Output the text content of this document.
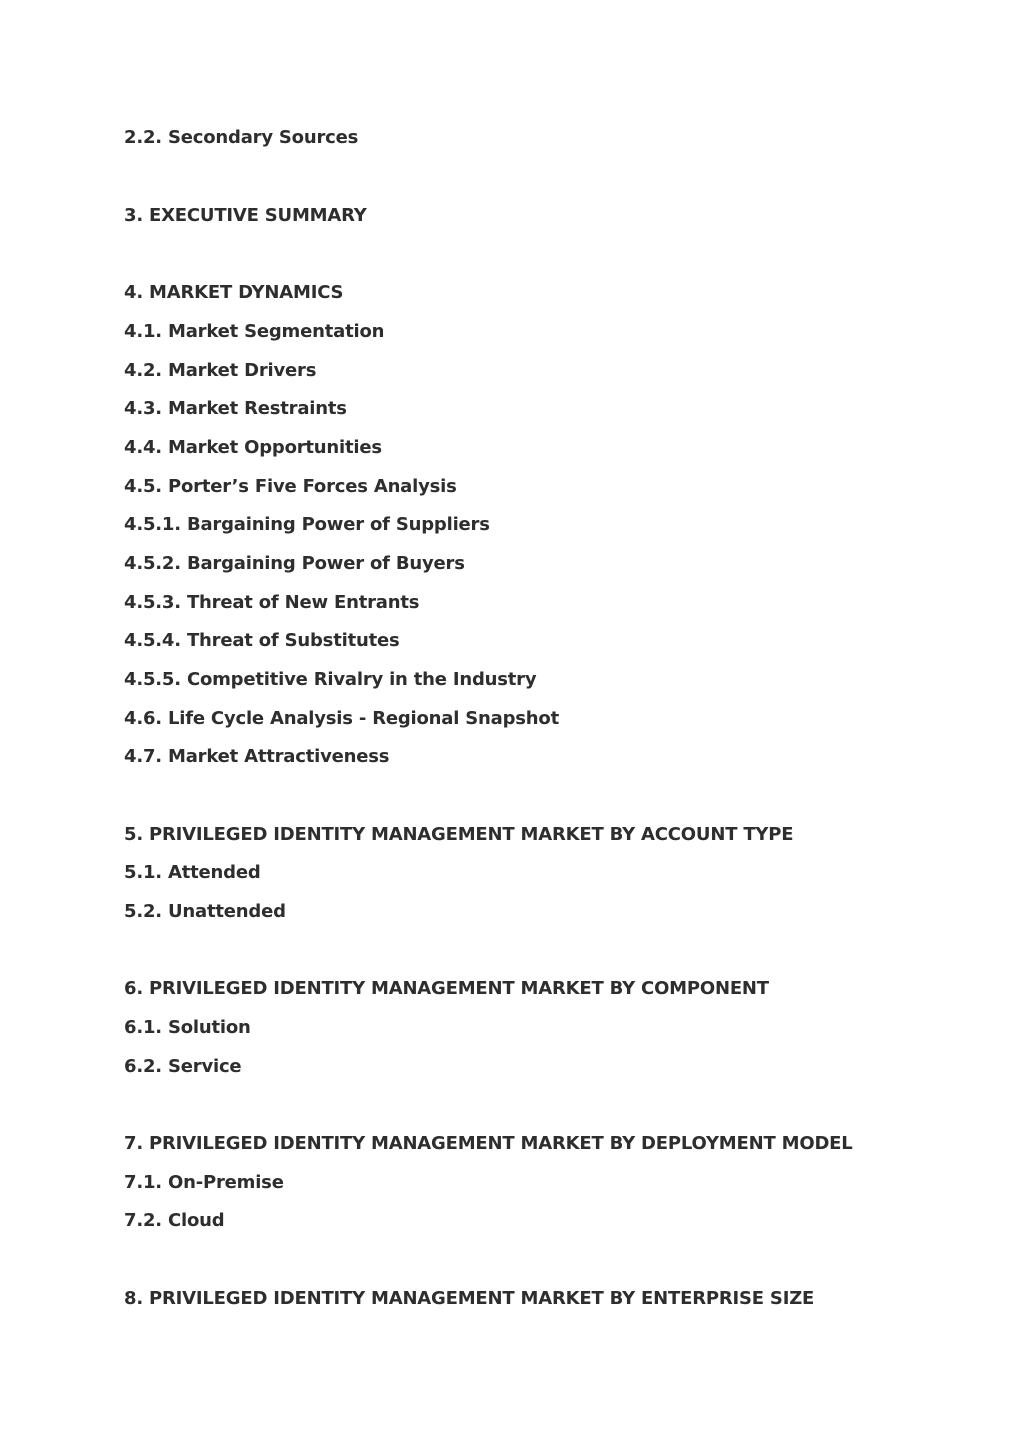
2.2. Secondary Sources
3. EXECUTIVE SUMMARY
4. MARKET DYNAMICS
4.1. Market Segmentation
4.2. Market Drivers
4.3. Market Restraints
4.4. Market Opportunities
4.5. Porter’s Five Forces Analysis
4.5.1. Bargaining Power of Suppliers
4.5.2. Bargaining Power of Buyers
4.5.3. Threat of New Entrants
4.5.4. Threat of Substitutes
4.5.5. Competitive Rivalry in the Industry
4.6. Life Cycle Analysis - Regional Snapshot
4.7. Market Attractiveness
5. PRIVILEGED IDENTITY MANAGEMENT MARKET BY ACCOUNT TYPE
5.1. Attended
5.2. Unattended
6. PRIVILEGED IDENTITY MANAGEMENT MARKET BY COMPONENT
6.1. Solution
6.2. Service
7. PRIVILEGED IDENTITY MANAGEMENT MARKET BY DEPLOYMENT MODEL
7.1. On-Premise
7.2. Cloud
8. PRIVILEGED IDENTITY MANAGEMENT MARKET BY ENTERPRISE SIZE
